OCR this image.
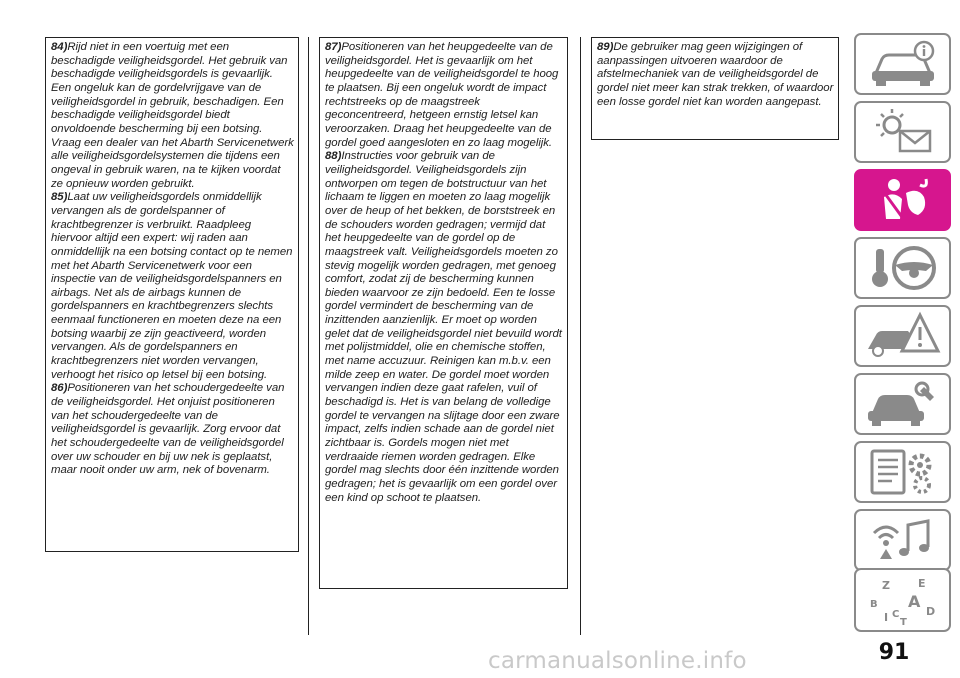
84)Rijd niet in een voertuig met een beschadigde veiligheidsgordel. Het gebruik van beschadigde veiligheidsgordels is gevaarlijk. Een ongeluk kan de gordelvrijgave van de veiligheidsgordel in gebruik, beschadigen. Een beschadigde veiligheidsgordel biedt onvoldoende bescherming bij een botsing. Vraag een dealer van het Abarth Servicenetwerk alle veiligheidsgordelsystemen die tijdens een ongeval in gebruik waren, na te kijken voordat ze opnieuw worden gebruikt.

85)Laat uw veiligheidsgordels onmiddellijk vervangen als de gordelspanner of krachtbegrenzer is verbruikt. Raadpleeg hiervoor altijd een expert: wij raden aan onmiddellijk na een botsing contact op te nemen met het Abarth Servicenetwerk voor een inspectie van de veiligheidsgordelspanners en airbags. Net als de airbags kunnen de gordelspanners en krachtbegrenzers slechts eenmaal functioneren en moeten deze na een botsing waarbij ze zijn geactiveerd, worden vervangen. Als de gordelspanners en krachtbegrenzers niet worden vervangen, verhoogt het risico op letsel bij een botsing.

86)Positioneren van het schoudergedeelte van de veiligheidsgordel. Het onjuist positioneren van het schoudergedeelte van de veiligheidsgordel is gevaarlijk. Zorg ervoor dat het schoudergedeelte van de veiligheidsgordel over uw schouder en bij uw nek is geplaatst, maar nooit onder uw arm, nek of bovenarm.

87)Positioneren van het heupgedeelte van de veiligheidsgordel. Het is gevaarlijk om het heupgedeelte van de veiligheidsgordel te hoog te plaatsen. Bij een ongeluk wordt de impact rechtstreeks op de maagstreek geconcentreerd, hetgeen ernstig letsel kan veroorzaken. Draag het heupgedeelte van de gordel goed aangesloten en zo laag mogelijk.

88)Instructies voor gebruik van de veiligheidsgordel. Veiligheidsgordels zijn ontworpen om tegen de botstructuur van het lichaam te liggen en moeten zo laag mogelijk over de heup of het bekken, de borststreek en de schouders worden gedragen; vermijd dat het heupgedeelte van de gordel op de maagstreek valt. Veiligheidsgordels moeten zo stevig mogelijk worden gedragen, met genoeg comfort, zodat zij de bescherming kunnen bieden waarvoor ze zijn bedoeld. Een te losse gordel vermindert de bescherming van de inzittenden aanzienlijk. Er moet op worden gelet dat de veiligheidsgordel niet bevuild wordt met polijstmiddel, olie en chemische stoffen, met name accuzuur. Reinigen kan m.b.v. een milde zeep en water. De gordel moet worden vervangen indien deze gaat rafelen, vuil of beschadigd is. Het is van belang de volledige gordel te vervangen na slijtage door een zware impact, zelfs indien schade aan de gordel niet zichtbaar is. Gordels mogen niet met verdraaide riemen worden gedragen. Elke gordel mag slechts door één inzittende worden gedragen; het is gevaarlijk om een gordel over een kind op schoot te plaatsen.

89)De gebruiker mag geen wijzigingen of aanpassingen uitvoeren waardoor de afstelmechaniek van de veiligheidsgordel de gordel niet meer kan strak trekken, of waardoor een losse gordel niet kan worden aangepast.

Z	E
B A
D
I C
T
91
carmanualsonline.info
